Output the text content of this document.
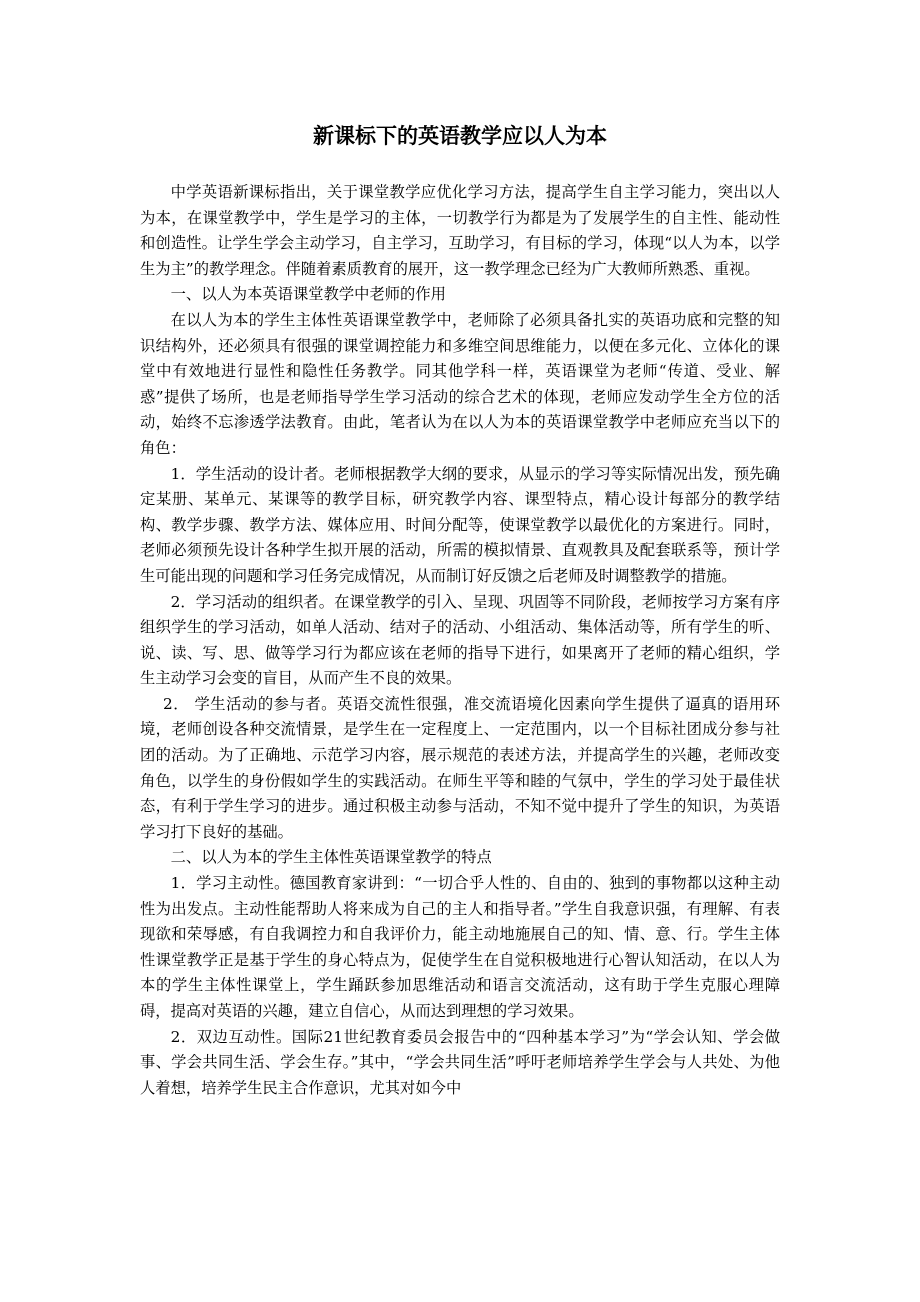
新课标下的英语教学应以人为本

中学英语新课标指出，关于课堂教学应优化学习方法，提高学生自主学习能力，突出以人为本，在课堂教学中，学生是学习的主体，一切教学行为都是为了发展学生的自主性、能动性和创造性。让学生学会主动学习，自主学习，互助学习，有目标的学习，体现“以人为本，以学生为主”的教学理念。伴随着素质教育的展开，这一教学理念已经为广大教师所熟悉、重视。

一、以人为本英语课堂教学中老师的作用

在以人为本的学生主体性英语课堂教学中，老师除了必须具备扎实的英语功底和完整的知识结构外，还必须具有很强的课堂调控能力和多维空间思维能力，以便在多元化、立体化的课堂中有效地进行显性和隐性任务教学。同其他学科一样，英语课堂为老师“传道、受业、解惑”提供了场所，也是老师指导学生学习活动的综合艺术的体现，老师应发动学生全方位的活动，始终不忘渗透学法教育。由此，笔者认为在以人为本的英语课堂教学中老师应充当以下的角色：

1．学生活动的设计者。老师根据教学大纲的要求，从显示的学习等实际情况出发，预先确定某册、某单元、某课等的教学目标，研究教学内容、课型特点，精心设计每部分的教学结构、教学步骤、教学方法、媒体应用、时间分配等，使课堂教学以最优化的方案进行。同时，老师必须预先设计各种学生拟开展的活动，所需的模拟情景、直观教具及配套联系等，预计学生可能出现的问题和学习任务完成情况，从而制订好反馈之后老师及时调整教学的措施。

2．学习活动的组织者。在课堂教学的引入、呈现、巩固等不同阶段，老师按学习方案有序组织学生的学习活动，如单人活动、结对子的活动、小组活动、集体活动等，所有学生的听、说、读、写、思、做等学习行为都应该在老师的指导下进行，如果离开了老师的精心组织，学生主动学习会变的盲目，从而产生不良的效果。

2． 学生活动的参与者。英语交流性很强，准交流语境化因素向学生提供了逼真的语用环境，老师创设各种交流情景，是学生在一定程度上、一定范围内，以一个目标社团成分参与社团的活动。为了正确地、示范学习内容，展示规范的表述方法，并提高学生的兴趣，老师改变角色，以学生的身份假如学生的实践活动。在师生平等和睦的气氛中，学生的学习处于最佳状态，有利于学生学习的进步。通过积极主动参与活动，不知不觉中提升了学生的知识，为英语学习打下良好的基础。

二、以人为本的学生主体性英语课堂教学的特点

1．学习主动性。德国教育家讲到：“一切合乎人性的、自由的、独到的事物都以这种主动性为出发点。主动性能帮助人将来成为自己的主人和指导者。”学生自我意识强，有理解、有表现欲和荣辱感，有自我调控力和自我评价力，能主动地施展自己的知、情、意、行。学生主体性课堂教学正是基于学生的身心特点为，促使学生在自觉积极地进行心智认知活动，在以人为本的学生主体性课堂上，学生踊跃参加思维活动和语言交流活动，这有助于学生克服心理障碍，提高对英语的兴趣，建立自信心，从而达到理想的学习效果。

2．双边互动性。国际21世纪教育委员会报告中的“四种基本学习”为“学会认知、学会做事、学会共同生活、学会生存。”其中，“学会共同生活”呼吁老师培养学生学会与人共处、为他人着想，培养学生民主合作意识，尤其对如今中
